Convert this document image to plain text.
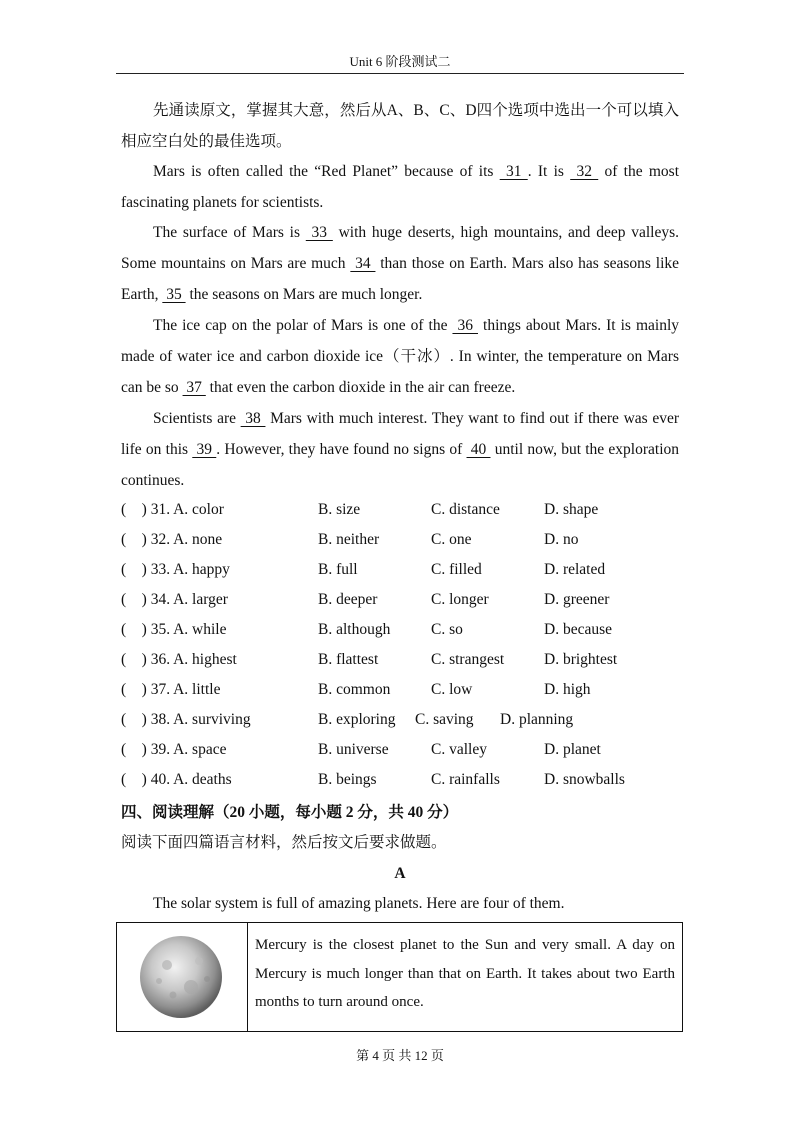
Unit 6 阶段测试二

先通读原文，掌握其大意，然后从A、B、C、D四个选项中选出一个可以填入相应空白处的最佳选项。

Mars is often called the “Red Planet” because of its  31 . It is  32  of the most fascinating planets for scientists.

The surface of Mars is  33  with huge deserts, high mountains, and deep valleys. Some mountains on Mars are much  34  than those on Earth. Mars also has seasons like Earth,  35  the seasons on Mars are much longer.

The ice cap on the polar of Mars is one of the  36  things about Mars. It is mainly made of water ice and carbon dioxide ice（干冰）. In winter, the temperature on Mars can be so  37  that even the carbon dioxide in the air can freeze.

Scientists are  38  Mars with much interest. They want to find out if there was ever life on this  39 . However, they have found no signs of  40  until now, but the exploration continues.

(    ) 31. A. color	B. size	C. distance	D. shape
(    ) 32. A. none	B. neither	C. one	D. no
(    ) 33. A. happy	B. full	C. filled	D. related
(    ) 34. A. larger	B. deeper	C. longer	D. greener
(    ) 35. A. while	B. although	C. so	D. because
(    ) 36. A. highest	B. flattest	C. strangest	D. brightest
(    ) 37. A. little	B. common	C. low	D. high
(    ) 38. A. surviving	B. exploring C. saving D. planning
(    ) 39. A. space	B. universe	C. valley	D. planet
(    ) 40. A. deaths	B. beings	C. rainfalls	D. snowballs
四、阅读理解（20 小题，每小题 2 分，共 40 分）
阅读下面四篇语言材料，然后按文后要求做题。
A
The solar system is full of amazing planets. Here are four of them.
Mercury is the closest planet to the Sun and very small. A day on Mercury is much longer than that on Earth. It takes about two Earth months to turn around once.
第 4 页 共 12 页
